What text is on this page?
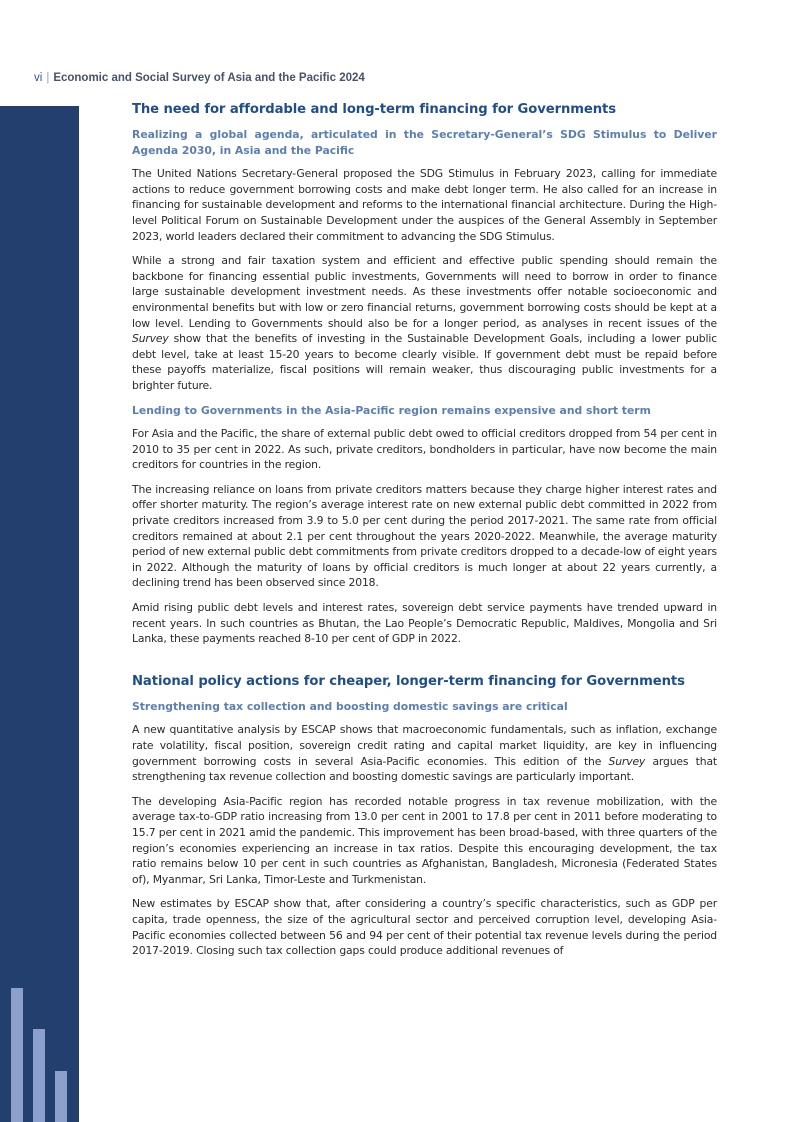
vi | Economic and Social Survey of Asia and the Pacific 2024
The need for affordable and long-term financing for Governments
Realizing a global agenda, articulated in the Secretary-General’s SDG Stimulus to Deliver Agenda 2030, in Asia and the Pacific

The United Nations Secretary-General proposed the SDG Stimulus in February 2023, calling for immediate actions to reduce government borrowing costs and make debt longer term. He also called for an increase in financing for sustainable development and reforms to the international financial architecture. During the High-level Political Forum on Sustainable Development under the auspices of the General Assembly in September 2023, world leaders declared their commitment to advancing the SDG Stimulus.

While a strong and fair taxation system and efficient and effective public spending should remain the backbone for financing essential public investments, Governments will need to borrow in order to finance large sustainable development investment needs. As these investments offer notable socioeconomic and environmental benefits but with low or zero financial returns, government borrowing costs should be kept at a low level. Lending to Governments should also be for a longer period, as analyses in recent issues of the Survey show that the benefits of investing in the Sustainable Development Goals, including a lower public debt level, take at least 15-20 years to become clearly visible. If government debt must be repaid before these payoffs materialize, fiscal positions will remain weaker, thus discouraging public investments for a brighter future.

Lending to Governments in the Asia-Pacific region remains expensive and short term

For Asia and the Pacific, the share of external public debt owed to official creditors dropped from 54 per cent in 2010 to 35 per cent in 2022. As such, private creditors, bondholders in particular, have now become the main creditors for countries in the region.

The increasing reliance on loans from private creditors matters because they charge higher interest rates and offer shorter maturity. The region’s average interest rate on new external public debt committed in 2022 from private creditors increased from 3.9 to 5.0 per cent during the period 2017-2021. The same rate from official creditors remained at about 2.1 per cent throughout the years 2020-2022. Meanwhile, the average maturity period of new external public debt commitments from private creditors dropped to a decade-low of eight years in 2022. Although the maturity of loans by official creditors is much longer at about 22 years currently, a declining trend has been observed since 2018.

Amid rising public debt levels and interest rates, sovereign debt service payments have trended upward in recent years. In such countries as Bhutan, the Lao People’s Democratic Republic, Maldives, Mongolia and Sri Lanka, these payments reached 8-10 per cent of GDP in 2022.

National policy actions for cheaper, longer-term financing for Governments
Strengthening tax collection and boosting domestic savings are critical

A new quantitative analysis by ESCAP shows that macroeconomic fundamentals, such as inflation, exchange rate volatility, fiscal position, sovereign credit rating and capital market liquidity, are key in influencing government borrowing costs in several Asia-Pacific economies. This edition of the Survey argues that strengthening tax revenue collection and boosting domestic savings are particularly important.

The developing Asia-Pacific region has recorded notable progress in tax revenue mobilization, with the average tax-to-GDP ratio increasing from 13.0 per cent in 2001 to 17.8 per cent in 2011 before moderating to 15.7 per cent in 2021 amid the pandemic. This improvement has been broad-based, with three quarters of the region’s economies experiencing an increase in tax ratios. Despite this encouraging development, the tax ratio remains below 10 per cent in such countries as Afghanistan, Bangladesh, Micronesia (Federated States of), Myanmar, Sri Lanka, Timor-Leste and Turkmenistan.

New estimates by ESCAP show that, after considering a country’s specific characteristics, such as GDP per capita, trade openness, the size of the agricultural sector and perceived corruption level, developing Asia-Pacific economies collected between 56 and 94 per cent of their potential tax revenue levels during the period 2017-2019. Closing such tax collection gaps could produce additional revenues of
